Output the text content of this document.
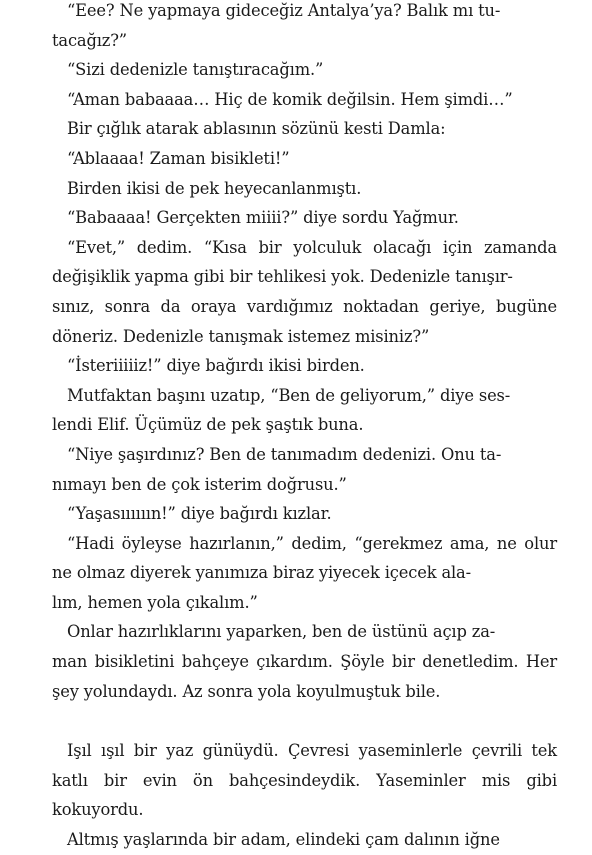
“Eee? Ne yapmaya gideceğiz Antalya’ya? Balık mı tu-
tacağız?”

“Sizi dedenizle tanıştıracağım.”

“Aman babaaaa… Hiç de komik değilsin. Hem şimdi…”

Bir çığlık atarak ablasının sözünü kesti Damla:

“Ablaaaa! Zaman bisikleti!”

Birden ikisi de pek heyecanlanmıştı.

“Babaaaa! Gerçekten miiii?” diye sordu Yağmur.

“Evet,” dedim. “Kısa bir yolculuk olacağı için zamanda değişiklik yapma gibi bir tehlikesi yok. Dedenizle tanışır-
sınız, sonra da oraya vardığımız noktadan geriye, bugüne döneriz. Dedenizle tanışmak istemez misiniz?”

“İsteriiiiiz!” diye bağırdı ikisi birden.

Mutfaktan başını uzatıp, “Ben de geliyorum,” diye ses-
lendi Elif. Üçümüz de pek şaştık buna.

“Niye şaşırdınız? Ben de tanımadım dedenizi. Onu ta-
nımayı ben de çok isterim doğrusu.”

“Yaşasıııııın!” diye bağırdı kızlar.

“Hadi öyleyse hazırlanın,” dedim, “gerekmez ama, ne olur ne olmaz diyerek yanımıza biraz yiyecek içecek ala-
lım, hemen yola çıkalım.”

Onlar hazırlıklarını yaparken, ben de üstünü açıp za-
man bisikletini bahçeye çıkardım. Şöyle bir denetledim. Her şey yolundaydı. Az sonra yola koyulmuştuk bile.

Işıl ışıl bir yaz günüydü. Çevresi yaseminlerle çevrili tek katlı bir evin ön bahçesindeydik. Yaseminler mis gibi kokuyordu.

Altmış yaşlarında bir adam, elindeki çam dalının iğne
